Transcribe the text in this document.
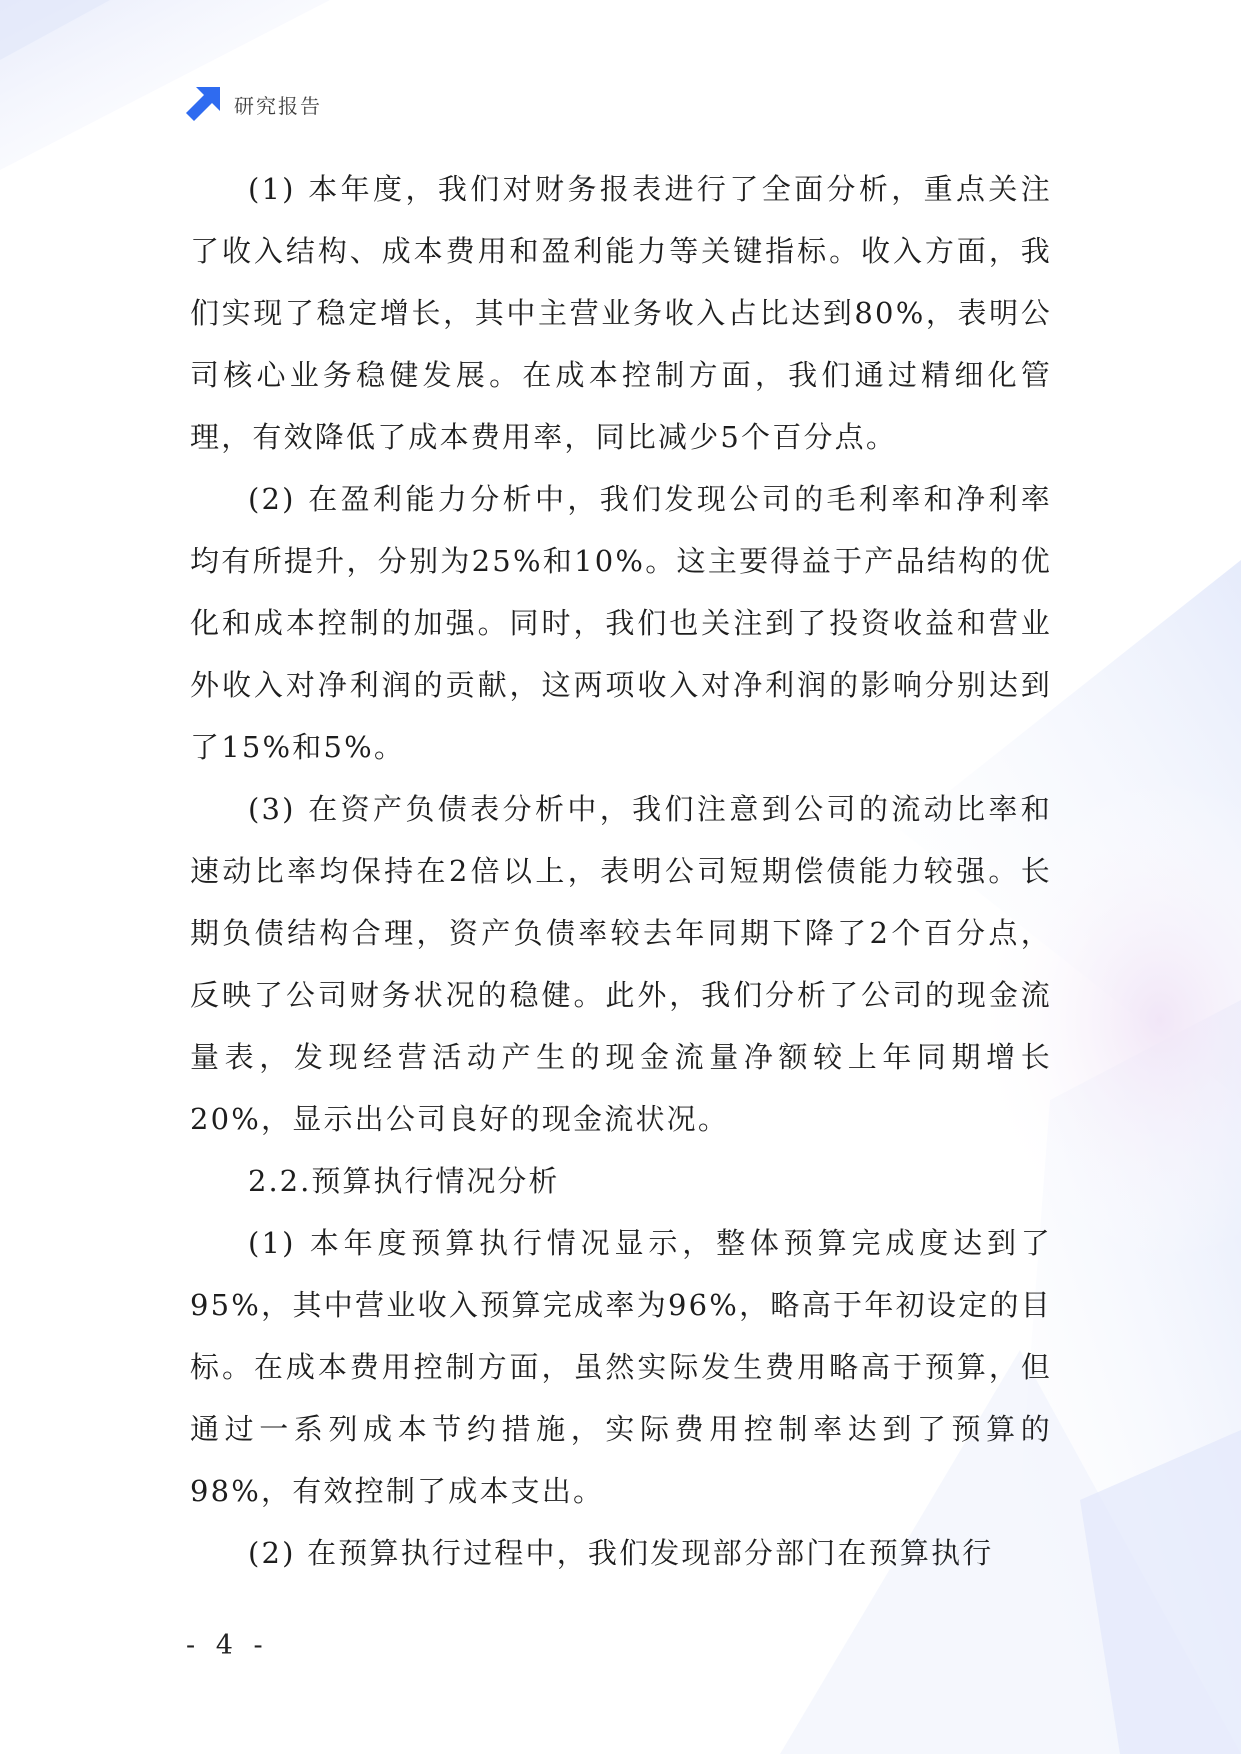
研究报告

(1) 本年度，我们对财务报表进行了全面分析，重点关注了收入结构、成本费用和盈利能力等关键指标。收入方面，我们实现了稳定增长，其中主营业务收入占比达到80%，表明公司核心业务稳健发展。在成本控制方面，我们通过精细化管理，有效降低了成本费用率，同比减少5个百分点。

(2) 在盈利能力分析中，我们发现公司的毛利率和净利率均有所提升，分别为25%和10%。这主要得益于产品结构的优化和成本控制的加强。同时，我们也关注到了投资收益和营业外收入对净利润的贡献，这两项收入对净利润的影响分别达到了15%和5%。

(3) 在资产负债表分析中，我们注意到公司的流动比率和速动比率均保持在2倍以上，表明公司短期偿债能力较强。长期负债结构合理，资产负债率较去年同期下降了2个百分点，反映了公司财务状况的稳健。此外，我们分析了公司的现金流量表，发现经营活动产生的现金流量净额较上年同期增长20%，显示出公司良好的现金流状况。

2.2.预算执行情况分析

(1) 本年度预算执行情况显示，整体预算完成度达到了95%，其中营业收入预算完成率为96%，略高于年初设定的目标。在成本费用控制方面，虽然实际发生费用略高于预算，但通过一系列成本节约措施，实际费用控制率达到了预算的98%，有效控制了成本支出。

(2) 在预算执行过程中，我们发现部分部门在预算执行

- 4 -
